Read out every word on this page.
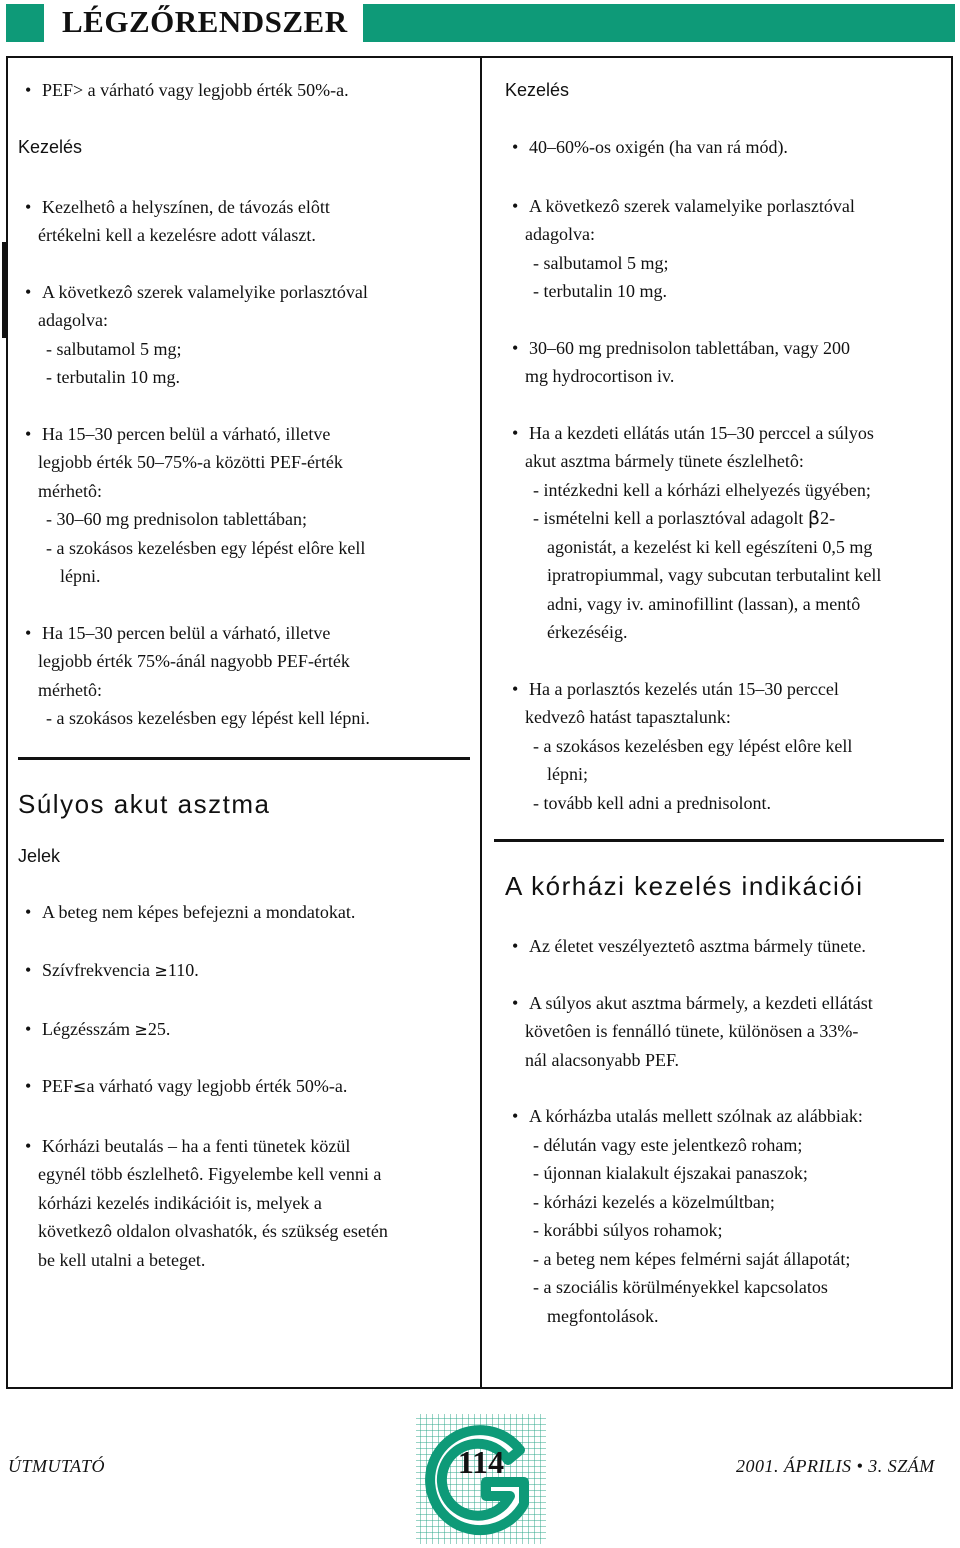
LÉGZŐRENDSZER
• PEF> a várható vagy legjobb érték 50%-a.
Kezelés
• Kezelhetô a helyszínen, de távozás elôtt
értékelni kell a kezelésre adott választ.
• A következô szerek valamelyike porlasztóval
adagolva:
- salbutamol 5 mg;
- terbutalin 10 mg.
• Ha 15–30 percen belül a várható, illetve
legjobb érték 50–75%-a közötti PEF-érték
mérhetô:
- 30–60 mg prednisolon tablettában;
- a szokásos kezelésben egy lépést elôre kell
lépni.
• Ha 15–30 percen belül a várható, illetve
legjobb érték 75%-ánál nagyobb PEF-érték
mérhetô:
- a szokásos kezelésben egy lépést kell lépni.
Súlyos akut asztma
Jelek
• A beteg nem képes befejezni a mondatokat.
• Szívfrekvencia ≥110.
• Légzésszám ≥25.
• PEF≤a várható vagy legjobb érték 50%-a.
• Kórházi beutalás – ha a fenti tünetek közül
egynél több észlelhetô. Figyelembe kell venni a
kórházi kezelés indikációit is, melyek a
következô oldalon olvashatók, és szükség esetén
be kell utalni a beteget.
Kezelés
• 40–60%-os oxigén (ha van rá mód).
• A következô szerek valamelyike porlasztóval
adagolva:
- salbutamol 5 mg;
- terbutalin 10 mg.
• 30–60 mg prednisolon tablettában, vagy 200
mg hydrocortison iv.
• Ha a kezdeti ellátás után 15–30 perccel a súlyos
akut asztma bármely tünete észlelhetô:
- intézkedni kell a kórházi elhelyezés ügyében;
- ismételni kell a porlasztóval adagolt β2-
agonistát, a kezelést ki kell egészíteni 0,5 mg
ipratropiummal, vagy subcutan terbutalint kell
adni, vagy iv. aminofillint (lassan), a mentô
érkezéséig.
• Ha a porlasztós kezelés után 15–30 perccel
kedvezô hatást tapasztalunk:
- a szokásos kezelésben egy lépést elôre kell
lépni;
- tovább kell adni a prednisolont.
A kórházi kezelés indikációi
• Az életet veszélyeztetô asztma bármely tünete.
• A súlyos akut asztma bármely, a kezdeti ellátást
követôen is fennálló tünete, különösen a 33%-
nál alacsonyabb PEF.
• A kórházba utalás mellett szólnak az alábbiak:
- délután vagy este jelentkezô roham;
- újonnan kialakult éjszakai panaszok;
- kórházi kezelés a közelmúltban;
- korábbi súlyos rohamok;
- a beteg nem képes felmérni saját állapotát;
- a szociális körülményekkel kapcsolatos
megfontolások.
ÚTMUTATÓ	114	2001. ÁPRILIS • 3. SZÁM
